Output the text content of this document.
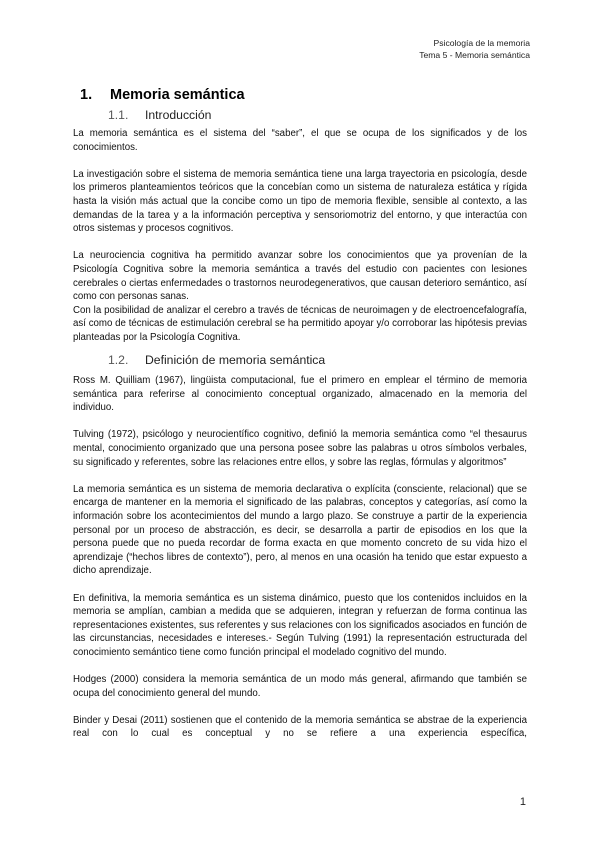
Psicología de la memoria
Tema 5 - Memoria semántica
1. Memoria semántica
1.1. Introducción

La memoria semántica es el sistema del “saber”, el que se ocupa de los significados y de los conocimientos.

La investigación sobre el sistema de memoria semántica tiene una larga trayectoria en psicología, desde los primeros planteamientos teóricos que la concebían como un sistema de naturaleza estática y rígida hasta la visión más actual que la concibe como un tipo de memoria flexible, sensible al contexto, a las demandas de la tarea y a la información perceptiva y sensoriomotriz del entorno, y que interactúa con otros sistemas y procesos cognitivos.

La neurociencia cognitiva ha permitido avanzar sobre los conocimientos que ya provenían de la Psicología Cognitiva sobre la memoria semántica a través del estudio con pacientes con lesiones cerebrales o ciertas enfermedades o trastornos neurodegenerativos, que causan deterioro semántico, así como con personas sanas.

Con la posibilidad de analizar el cerebro a través de técnicas de neuroimagen y de electroencefalografía, así como de técnicas de estimulación cerebral se ha permitido apoyar y/o corroborar las hipótesis previas planteadas por la Psicología Cognitiva.

1.2. Definición de memoria semántica

Ross M. Quilliam (1967), lingüista computacional, fue el primero en emplear el término de memoria semántica para referirse al conocimiento conceptual organizado, almacenado en la memoria del individuo.

Tulving (1972), psicólogo y neurocientífico cognitivo, definió la memoria semántica como “el thesaurus mental, conocimiento organizado que una persona posee sobre las palabras u otros símbolos verbales, su significado y referentes, sobre las relaciones entre ellos, y sobre las reglas, fórmulas y algoritmos”

La memoria semántica es un sistema de memoria declarativa o explícita (consciente, relacional) que se encarga de mantener en la memoria el significado de las palabras, conceptos y categorías, así como la información sobre los acontecimientos del mundo a largo plazo. Se construye a partir de la experiencia personal por un proceso de abstracción, es decir, se desarrolla a partir de episodios en los que la persona puede que no pueda recordar de forma exacta en que momento concreto de su vida hizo el aprendizaje (“hechos libres de contexto”), pero, al menos en una ocasión ha tenido que estar expuesto a dicho aprendizaje.

En definitiva, la memoria semántica es un sistema dinámico, puesto que los contenidos incluidos en la memoria se amplían, cambian a medida que se adquieren, integran y refuerzan de forma continua las representaciones existentes, sus referentes y sus relaciones con los significados asociados en función de las circunstancias, necesidades e intereses.- Según Tulving (1991) la representación estructurada del conocimiento semántico tiene como función principal el modelado cognitivo del mundo.

Hodges (2000) considera la memoria semántica de un modo más general, afirmando que también se ocupa del conocimiento general del mundo.

Binder y Desai (2011) sostienen que el contenido de la memoria semántica se abstrae de la experiencia real con lo cual es conceptual y no se refiere a una experiencia específica,

1
